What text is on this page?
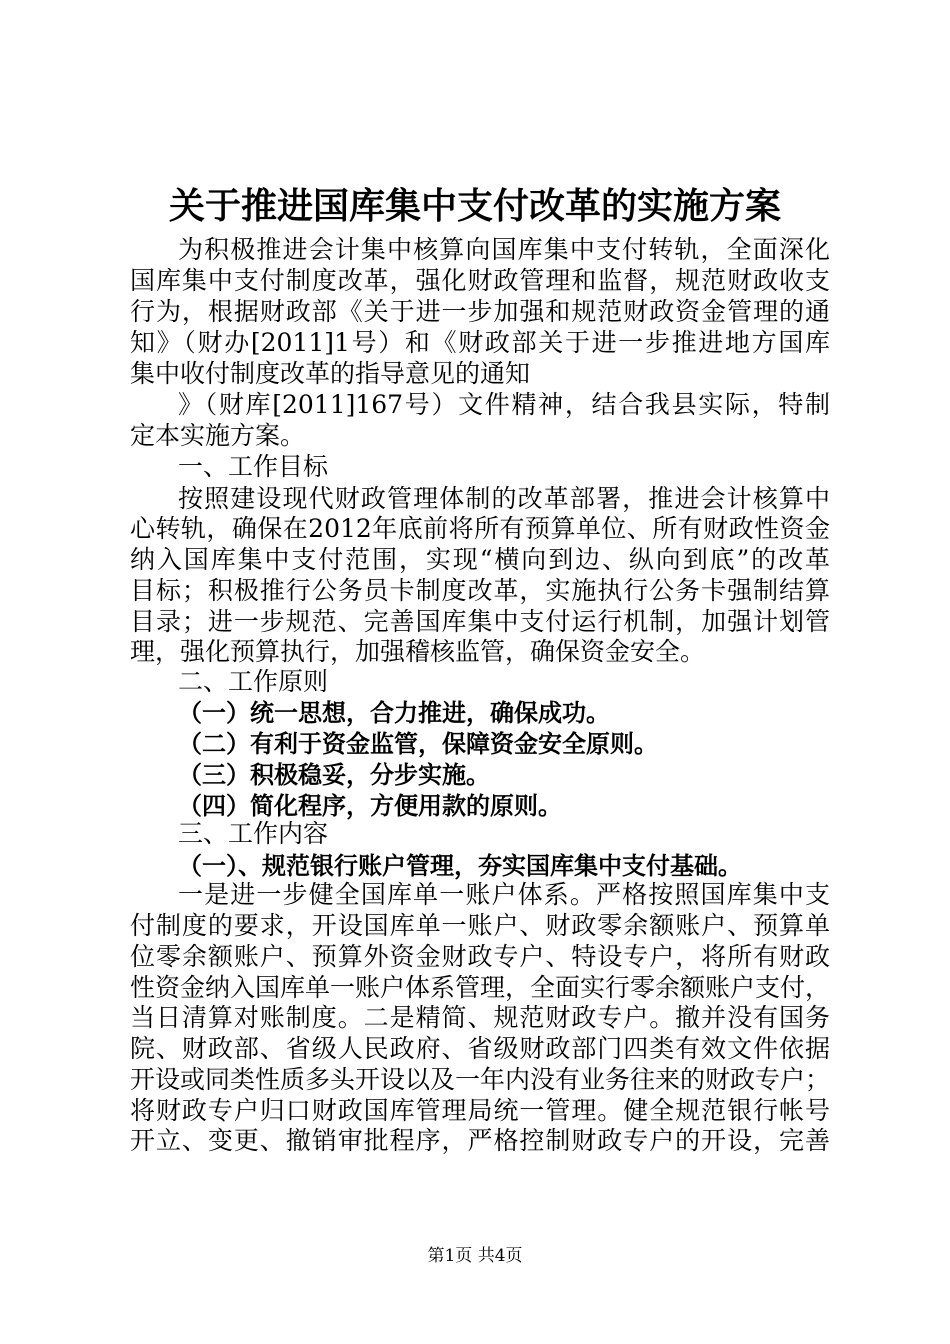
关于推进国库集中支付改革的实施方案
为积极推进会计集中核算向国库集中支付转轨，全面深化
国库集中支付制度改革，强化财政管理和监督，规范财政收支
行为，根据财政部《关于进一步加强和规范财政资金管理的通
知》（财办[2011]1号）和《财政部关于进一步推进地方国库
集中收付制度改革的指导意见的通知
》（财库[2011]167号）文件精神，结合我县实际，特制
定本实施方案。
一、工作目标
按照建设现代财政管理体制的改革部署，推进会计核算中
心转轨，确保在2012年底前将所有预算单位、所有财政性资金
纳入国库集中支付范围，实现“横向到边、纵向到底”的改革
目标；积极推行公务员卡制度改革，实施执行公务卡强制结算
目录；进一步规范、完善国库集中支付运行机制，加强计划管
理，强化预算执行，加强稽核监管，确保资金安全。
二、工作原则
（一）统一思想，合力推进，确保成功。
（二）有利于资金监管，保障资金安全原则。
（三）积极稳妥，分步实施。
（四）简化程序，方便用款的原则。
三、工作内容
（一）、规范银行账户管理，夯实国库集中支付基础。
一是进一步健全国库单一账户体系。严格按照国库集中支
付制度的要求，开设国库单一账户、财政零余额账户、预算单
位零余额账户、预算外资金财政专户、特设专户，将所有财政
性资金纳入国库单一账户体系管理，全面实行零余额账户支付，
当日清算对账制度。二是精简、规范财政专户。撤并没有国务
院、财政部、省级人民政府、省级财政部门四类有效文件依据
开设或同类性质多头开设以及一年内没有业务往来的财政专户；
将财政专户归口财政国库管理局统一管理。健全规范银行帐号
开立、变更、撤销审批程序，严格控制财政专户的开设，完善
第1页 共4页
